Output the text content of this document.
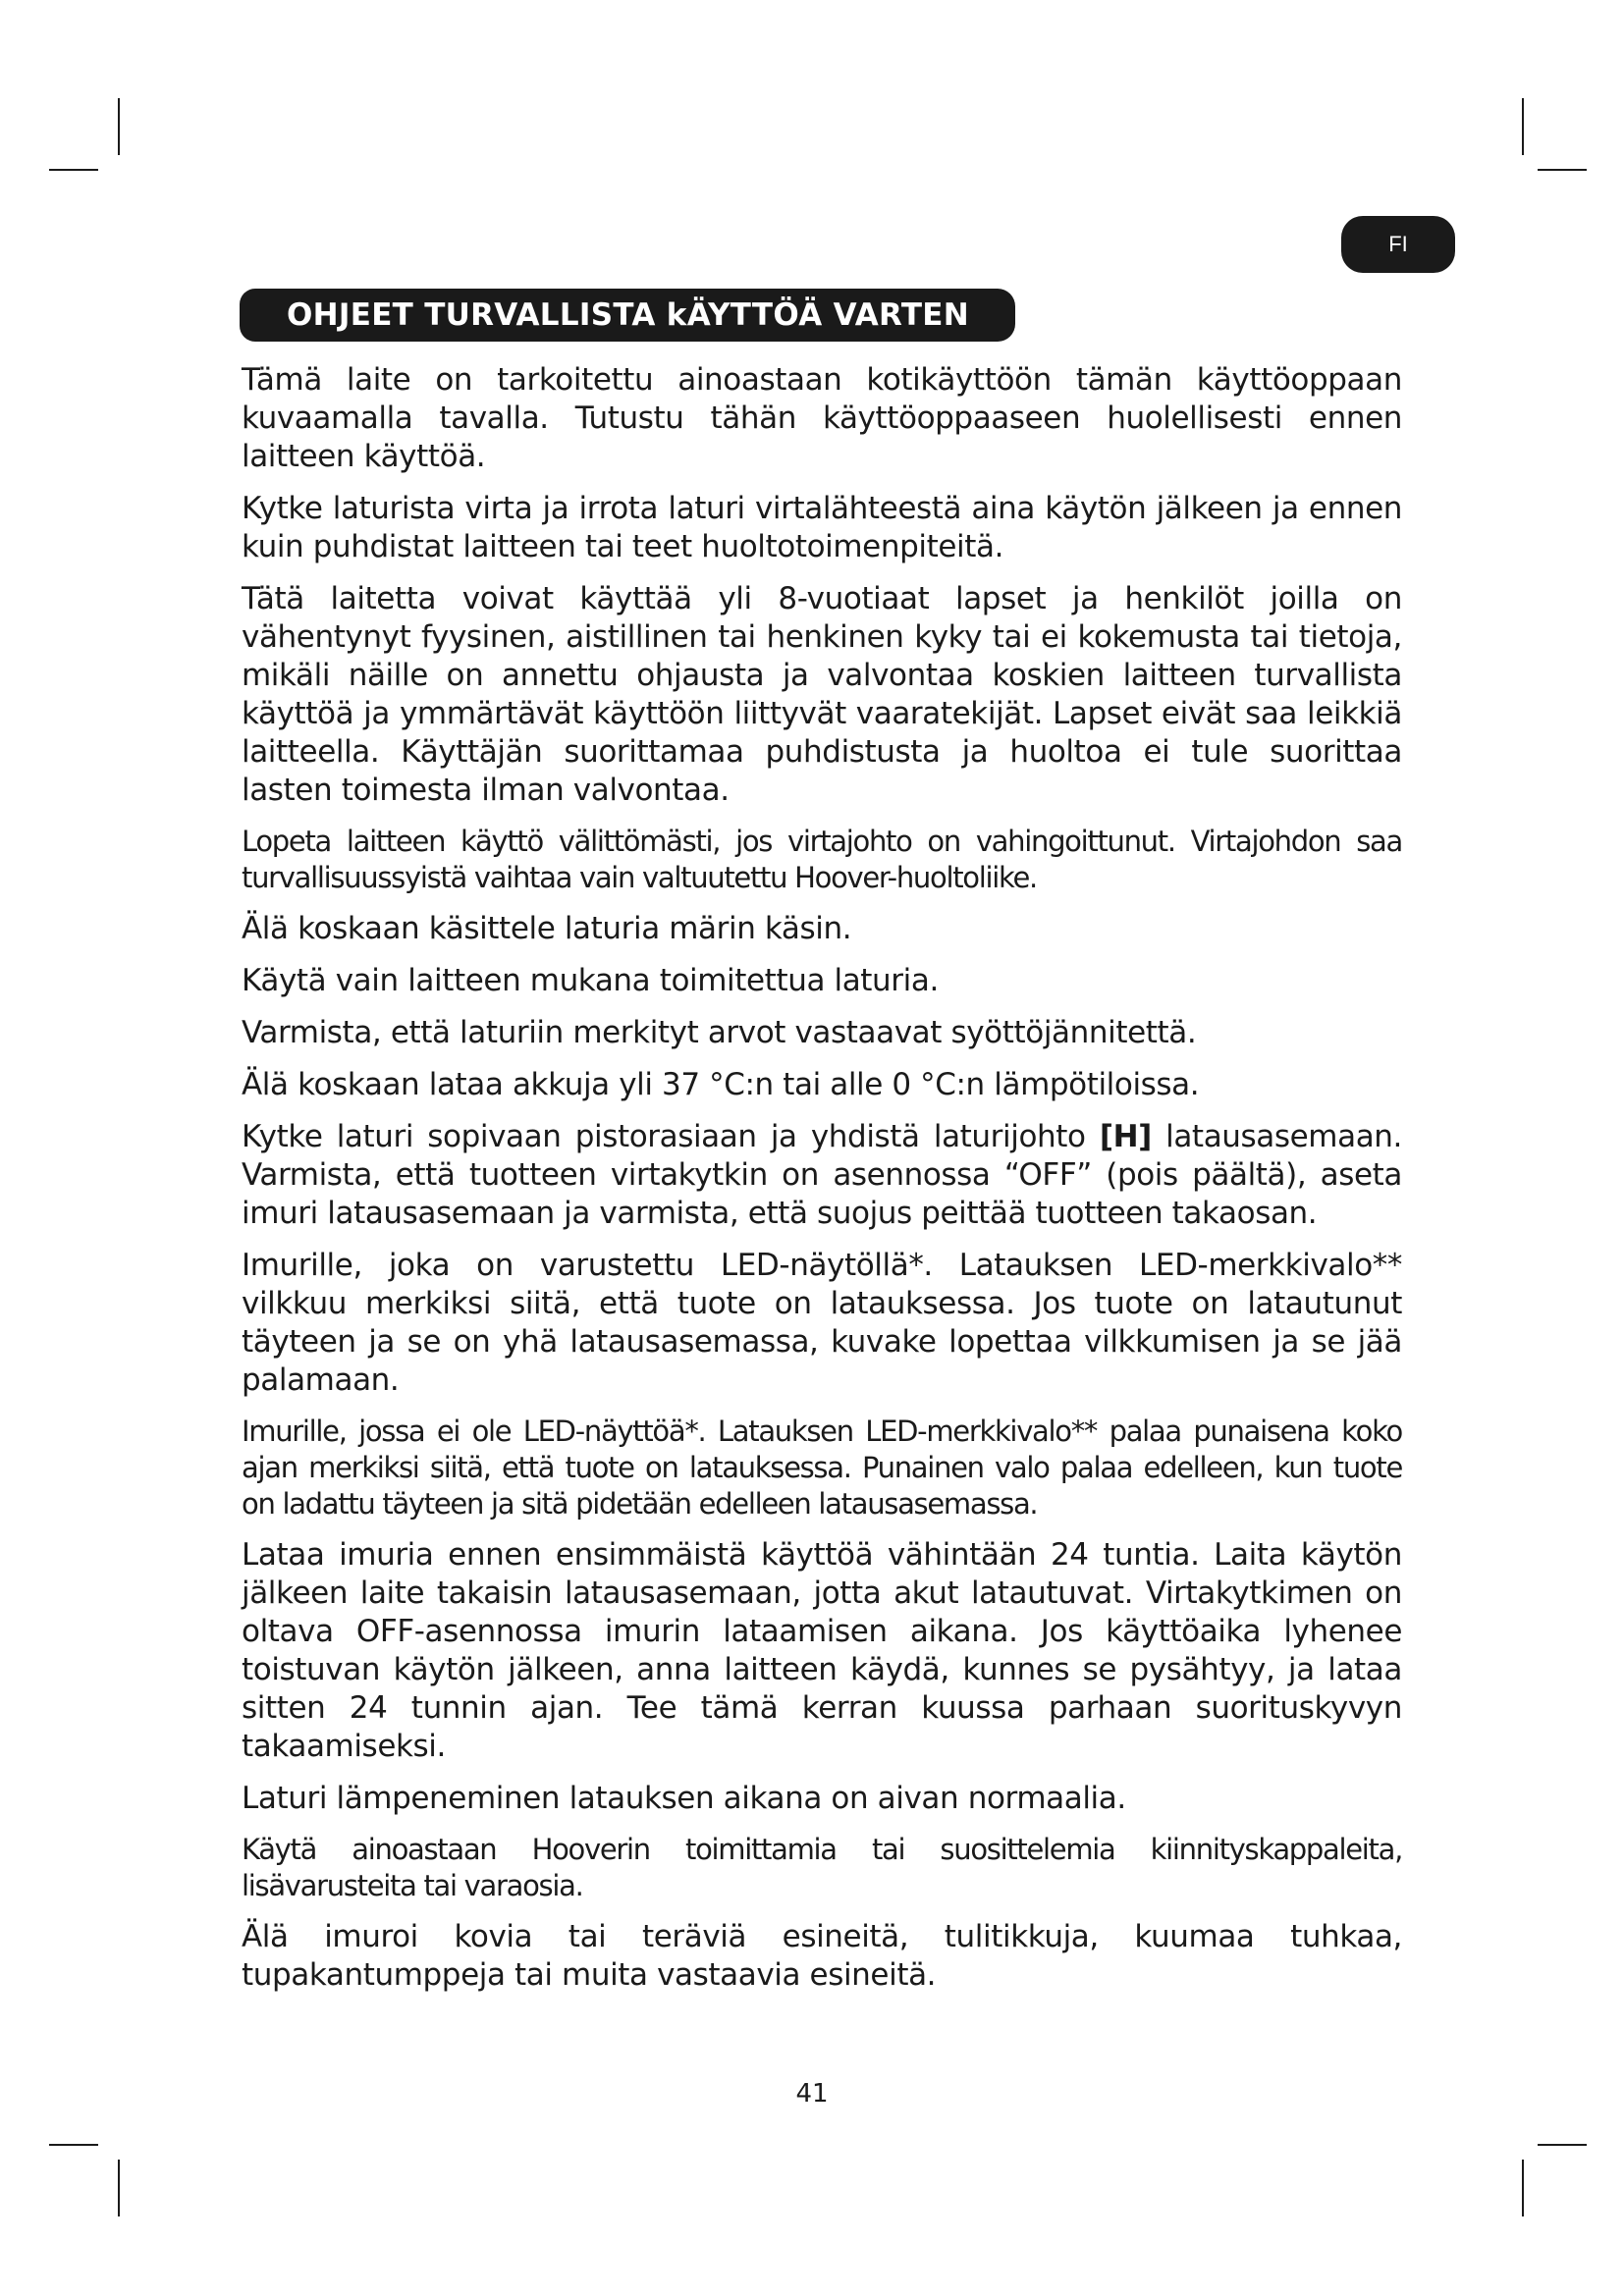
FI
OHJEET TURVALLISTA kÄYTTÖÄ VARTEN

Tämä laite on tarkoitettu ainoastaan kotikäyttöön tämän käyttöoppaan kuvaamalla tavalla. Tutustu tähän käyttöoppaaseen huolellisesti ennen laitteen käyttöä.

Kytke laturista virta ja irrota laturi virtalähteestä aina käytön jälkeen ja ennen kuin puhdistat laitteen tai teet huoltotoimenpiteitä.

Tätä laitetta voivat käyttää yli 8-vuotiaat lapset ja henkilöt joilla on vähentynyt fyysinen, aistillinen tai henkinen kyky tai ei kokemusta tai tietoja, mikäli näille on annettu ohjausta ja valvontaa koskien laitteen turvallista käyttöä ja ymmärtävät käyttöön liittyvät vaaratekijät. Lapset eivät saa leikkiä laitteella. Käyttäjän suorittamaa puhdistusta ja huoltoa ei tule suorittaa lasten toimesta ilman valvontaa.

Lopeta laitteen käyttö välittömästi, jos virtajohto on vahingoittunut. Virtajohdon saa turvallisuussyistä vaihtaa vain valtuutettu Hoover-huoltoliike.

Älä koskaan käsittele laturia märin käsin.

Käytä vain laitteen mukana toimitettua laturia.

Varmista, että laturiin merkityt arvot vastaavat syöttöjännitettä.

Älä koskaan lataa akkuja yli 37 °C:n tai alle 0 °C:n lämpötiloissa.

Kytke laturi sopivaan pistorasiaan ja yhdistä laturijohto [H] latausasemaan. Varmista, että tuotteen virtakytkin on asennossa “OFF” (pois päältä), aseta imuri latausasemaan ja varmista, että suojus peittää tuotteen takaosan.

Imurille, joka on varustettu LED-näytöllä*. Latauksen LED-merkkivalo** vilkkuu merkiksi siitä, että tuote on latauksessa. Jos tuote on latautunut täyteen ja se on yhä latausasemassa, kuvake lopettaa vilkkumisen ja se jää palamaan.

Imurille, jossa ei ole LED-näyttöä*. Latauksen LED-merkkivalo** palaa punaisena koko ajan merkiksi siitä, että tuote on latauksessa. Punainen valo palaa edelleen, kun tuote on ladattu täyteen ja sitä pidetään edelleen latausasemassa.

Lataa imuria ennen ensimmäistä käyttöä vähintään 24 tuntia. Laita käytön jälkeen laite takaisin latausasemaan, jotta akut latautuvat. Virtakytkimen on oltava OFF-asennossa imurin lataamisen aikana. Jos käyttöaika lyhenee toistuvan käytön jälkeen, anna laitteen käydä, kunnes se pysähtyy, ja lataa sitten 24 tunnin ajan. Tee tämä kerran kuussa parhaan suorituskyvyn takaamiseksi.

Laturi lämpeneminen latauksen aikana on aivan normaalia.

Käytä ainoastaan Hooverin toimittamia tai suosittelemia kiinnityskappaleita, lisävarusteita tai varaosia.

Älä imuroi kovia tai teräviä esineitä, tulitikkuja, kuumaa tuhkaa, tupakantumppeja tai muita vastaavia esineitä.

41
